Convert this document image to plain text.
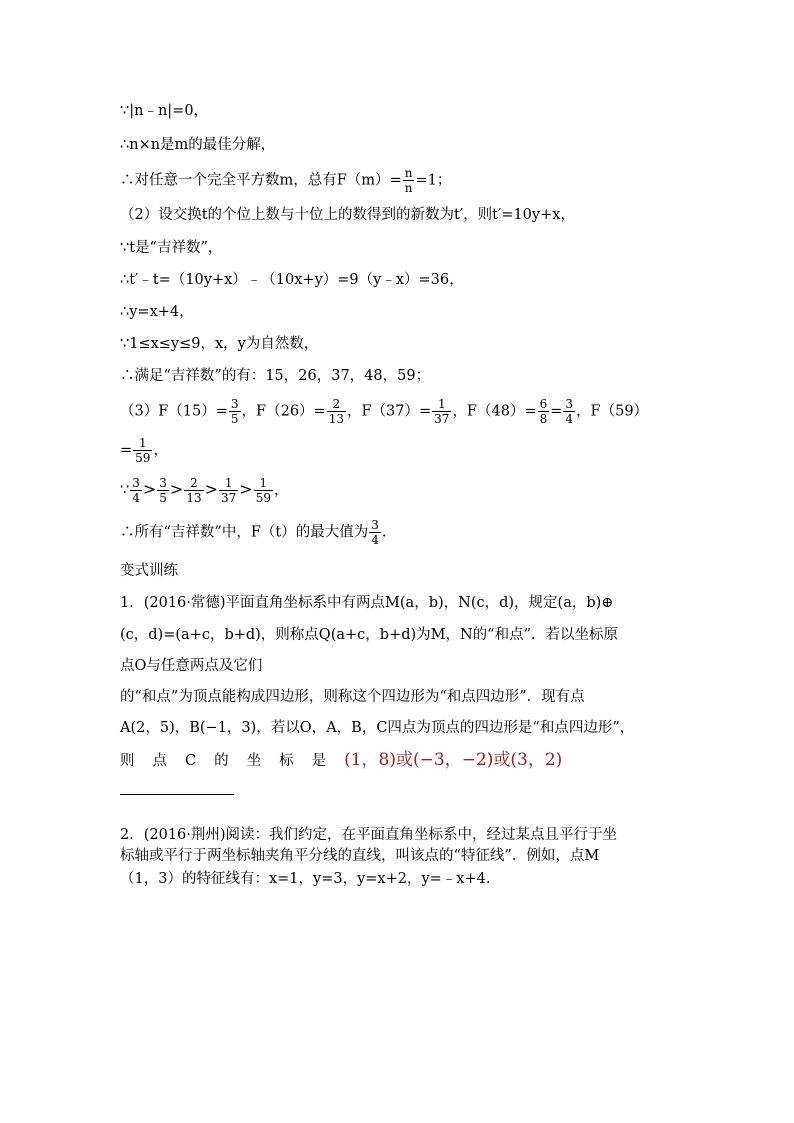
∵|n﹣n|=0，
∴n×n是m的最佳分解，
∴对任意一个完全平方数m，总有$F(m)= \frac{n}{n} =1$；
（2）设交换t的个位上数与十位上的数得到的新数为t′，则t′=10y+x，
∵t是“吉祥数”，
∴t′﹣t=（10y+x）﹣（10x+y）=9（y﹣x）=36，
∴y=x+4，
∵1≤x≤y≤9，x，y为自然数，
∴满足“吉祥数”的有：15，26，37，48，59；
$(3)F(15)= \frac{3}{5}$ ，$F(26)= \frac{2}{13}$ ，$F(37)= \frac{1}{37}$ ，$F(48)= \frac{6}{8} = \frac{3}{4}$ ，F（59）
= $\frac{1}{59}$ ，
∵ $\frac{3}{4} > \frac{3}{5} > \frac{2}{13} > \frac{1}{37} > \frac{1}{59}$ ，
∴所有“吉祥数”中，F（t）的最大值为 $\frac{3}{4}$ .
变式训练
1．(2016·常德)平面直角坐标系中有两点M(a，b)，N(c，d)，规定(a，b)⊕
(c，d)=(a+c，b+d)，则称点Q(a+c，b+d)为M，N的“和点”．若以坐标原
点O与任意两点及它们
的“和点”为顶点能构成四边形，则称这个四边形为“和点四边形”．现有点
A(2，5)，B(−1，3)，若以O，A，B，C四点为顶点的四边形是“和点四边形”，
则点C的坐标是(1，8)或(−3，−2)或(3，2)
2．(2016·荆州)阅读：我们约定，在平面直角坐标系中，经过某点且平行于坐
标轴或平行于两坐标轴夹角平分线的直线，叫该点的“特征线”．例如，点M
（1，3）的特征线有：x=1，y=3，y=x+2，y=﹣x+4.
